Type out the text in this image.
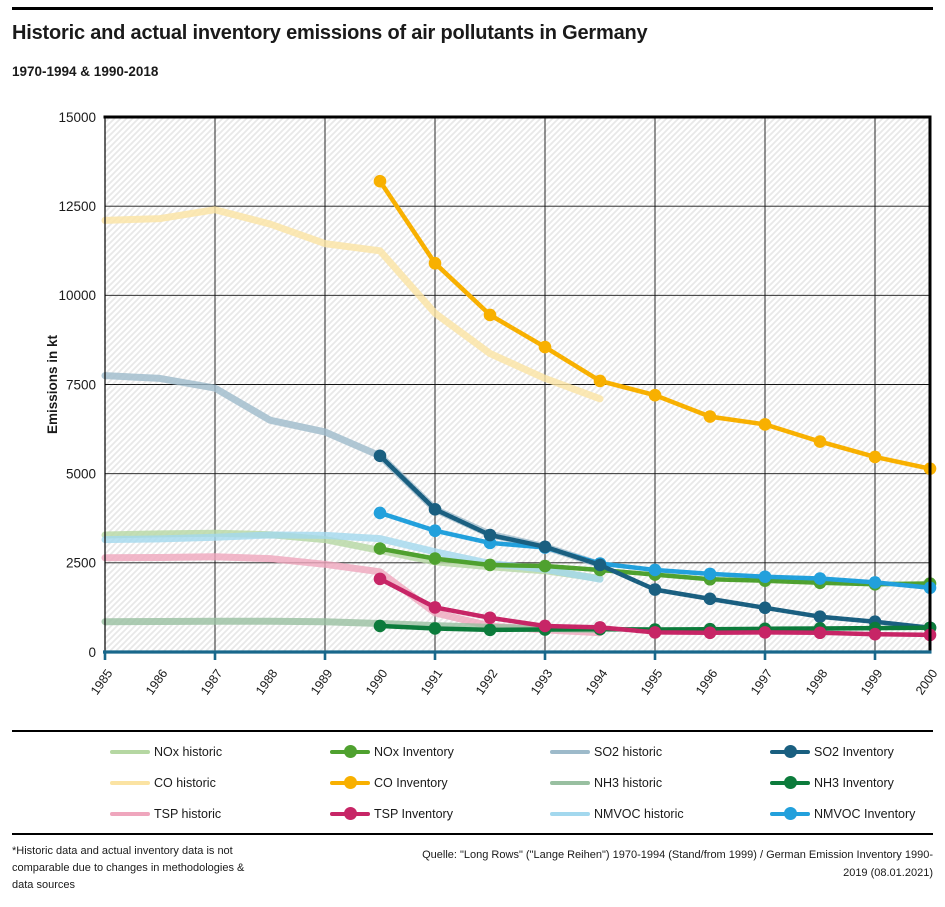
Historic and actual inventory emissions of air pollutants in Germany
1970-1994 & 1990-2018
0
2500
5000
7500
10000
12500
15000
1985 1986 1987 1988 1989 1990 1991 1992 1993 1994 1995 1996 1997 1998 1999 2000
Emissions in kt
NOx historic	NOx Inventory	SO2 historic	SO2 Inventory
CO historic	CO Inventory	NH3 historic	NH3 Inventory
TSP historic	TSP Inventory	NMVOC historic	NMVOC Inventory
*Historic data and actual inventory data is not
comparable due to changes in methodologies &
data sources
Quelle: "Long Rows" ("Lange Reihen") 1970-1994 (Stand/from 1999) / German Emission Inventory 1990-
2019 (08.01.2021)
